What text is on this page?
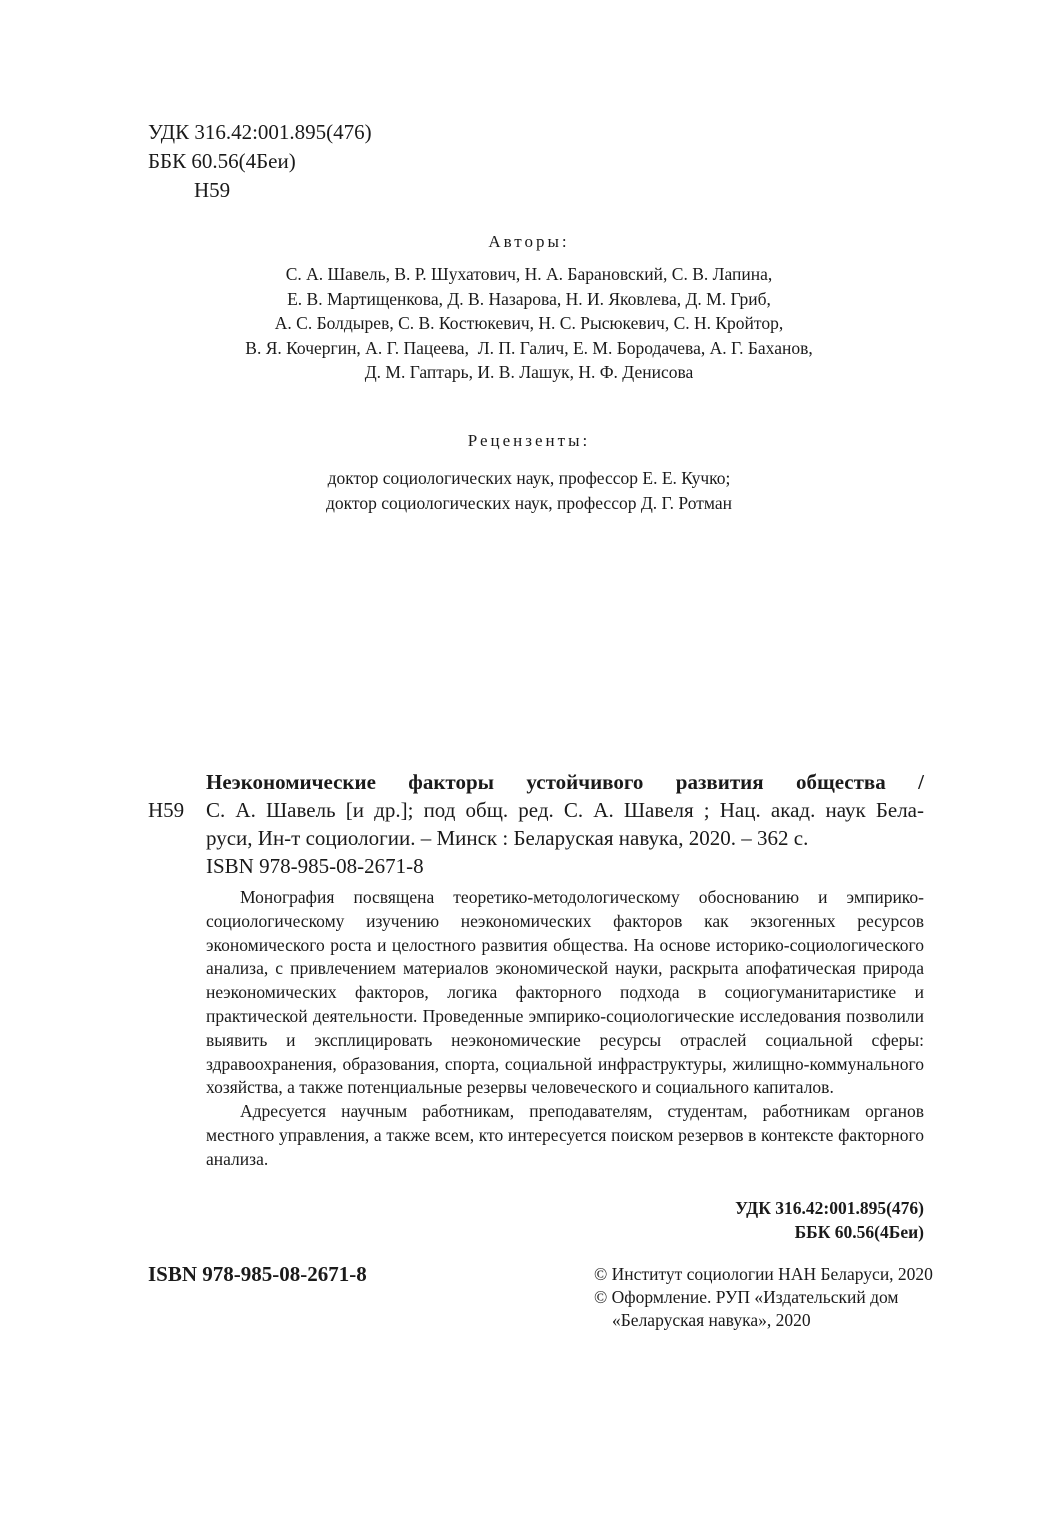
УДК 316.42:001.895(476)
ББК 60.56(4Беи)
Н59
Авторы:
С. А. Шавель, В. Р. Шухатович, Н. А. Барановский, С. В. Лапина,
Е. В. Мартищенкова, Д. В. Назарова, Н. И. Яковлева, Д. М. Гриб,
А. С. Болдырев, С. В. Костюкевич, Н. С. Рысюкевич, С. Н. Кройтор,
В. Я. Кочергин, А. Г. Пацеева,  Л. П. Галич, Е. М. Бородачева, А. Г. Баханов,
Д. М. Гаптарь, И. В. Лашук, Н. Ф. Денисова
Рецензенты:
доктор социологических наук, профессор Е. Е. Кучко;
доктор социологических наук, профессор Д. Г. Ротман
Неэкономические факторы устойчивого развития общества /
Н59 С. А. Шавель [и др.]; под общ. ред. С. А. Шавеля ; Нац. акад. наук Бела-
руси, Ин-т социологии. – Минск : Беларуская навука, 2020. – 362 с.
ISBN 978-985-08-2671-8

Монография посвящена теоретико-методологическому обоснованию и эмпирико-социологическому изучению неэкономических факторов как экзогенных ресурсов экономического роста и целостного развития общества. На основе историко-социологического анализа, с привлечением материалов экономической науки, раскрыта апофатическая природа неэкономических факторов, логика факторного подхода в социогуманитаристике и практической деятельности. Проведенные эмпирико-социологические исследования позволили выявить и эксплицировать неэкономические ресурсы отраслей социальной сферы: здравоохранения, образования, спорта, социальной инфраструктуры, жилищно-коммунального хозяйства, а также потенциальные резервы человеческого и социального капиталов.

Адресуется научным работникам, преподавателям, студентам, работникам органов местного управления, а также всем, кто интересуется поиском резервов в контексте факторного анализа.

УДК 316.42:001.895(476)
ББК 60.56(4Беи)
ISBN 978-985-08-2671-8	© Институт социологии НАН Беларуси, 2020
© Оформление. РУП «Издательский дом «Беларуская навука», 2020
